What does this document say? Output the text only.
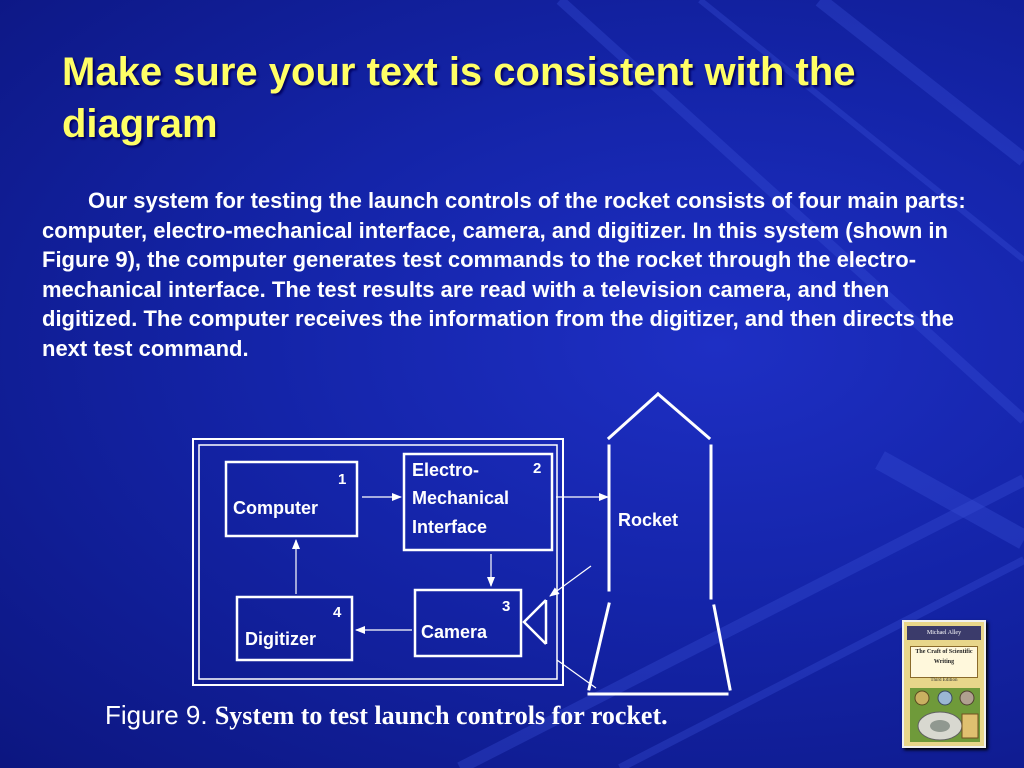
Make sure your text is consistent with the diagram

Our system for testing the launch controls of the rocket consists of four main parts: computer, electro-mechanical interface, camera, and digitizer. In this system (shown in Figure 9), the computer generates test commands to the rocket through the electro-mechanical interface. The test results are read with a television camera, and then digitized. The computer receives the information from the digitizer, and then directs the next test command.

1
Computer
2
Electro-
Mechanical
Interface
3
Camera
4
Digitizer
Rocket
Figure 9. System to test launch controls for rocket.
Michael Alley
The Craft of Scientific Writing
Third Edition
